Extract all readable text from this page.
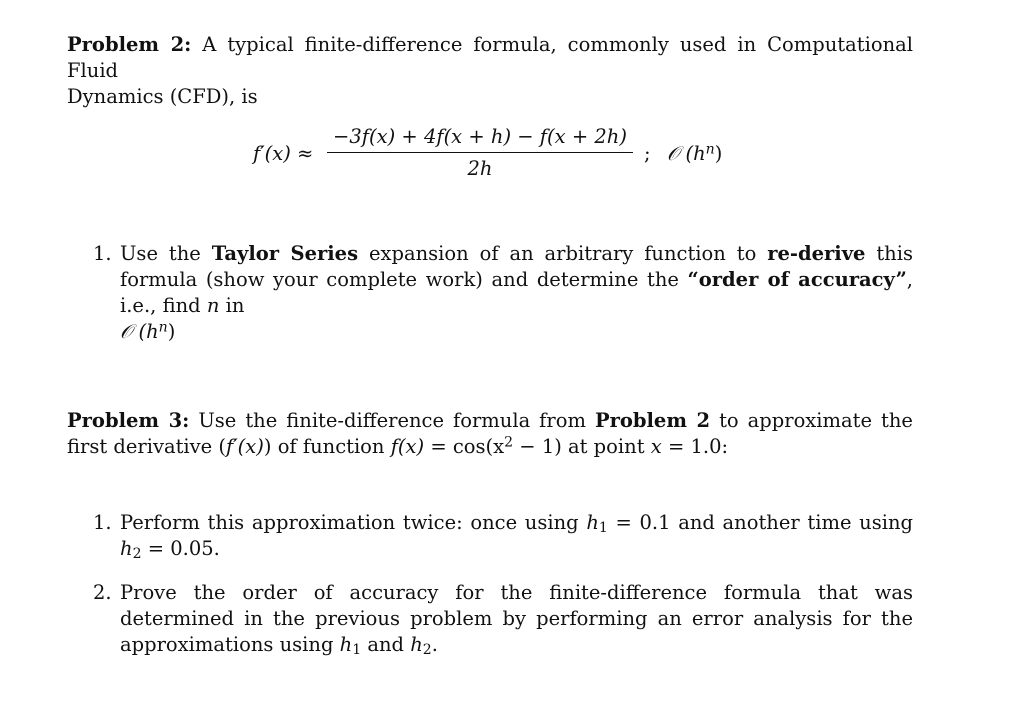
Problem 2: A typical finite-difference formula, commonly used in Computational Fluid
Dynamics (CFD), is
f′(x) ≈
−3f(x) + 4f(x + h) − f(x + 2h)
2h
; 𝒪 $(h^n)$
1. Use the Taylor Series expansion of an arbitrary function to re-derive this formula (show your complete work) and determine the “order of accuracy”, i.e., find n in
𝒪 $(h^n)$
Problem 3: Use the finite-difference formula from Problem 2 to approximate the first derivative (f′(x)) of function $f(x) = \cos(x^2 - 1)$ at point x = 1.0:
1. Perform this approximation twice: once using $h_1 = 0.1$ and another time using $h_2 = 0.05$.
2. Prove the order of accuracy for the finite-difference formula that was determined in the previous problem by performing an error analysis for the approximations using $h_1$ and $h_2$.
